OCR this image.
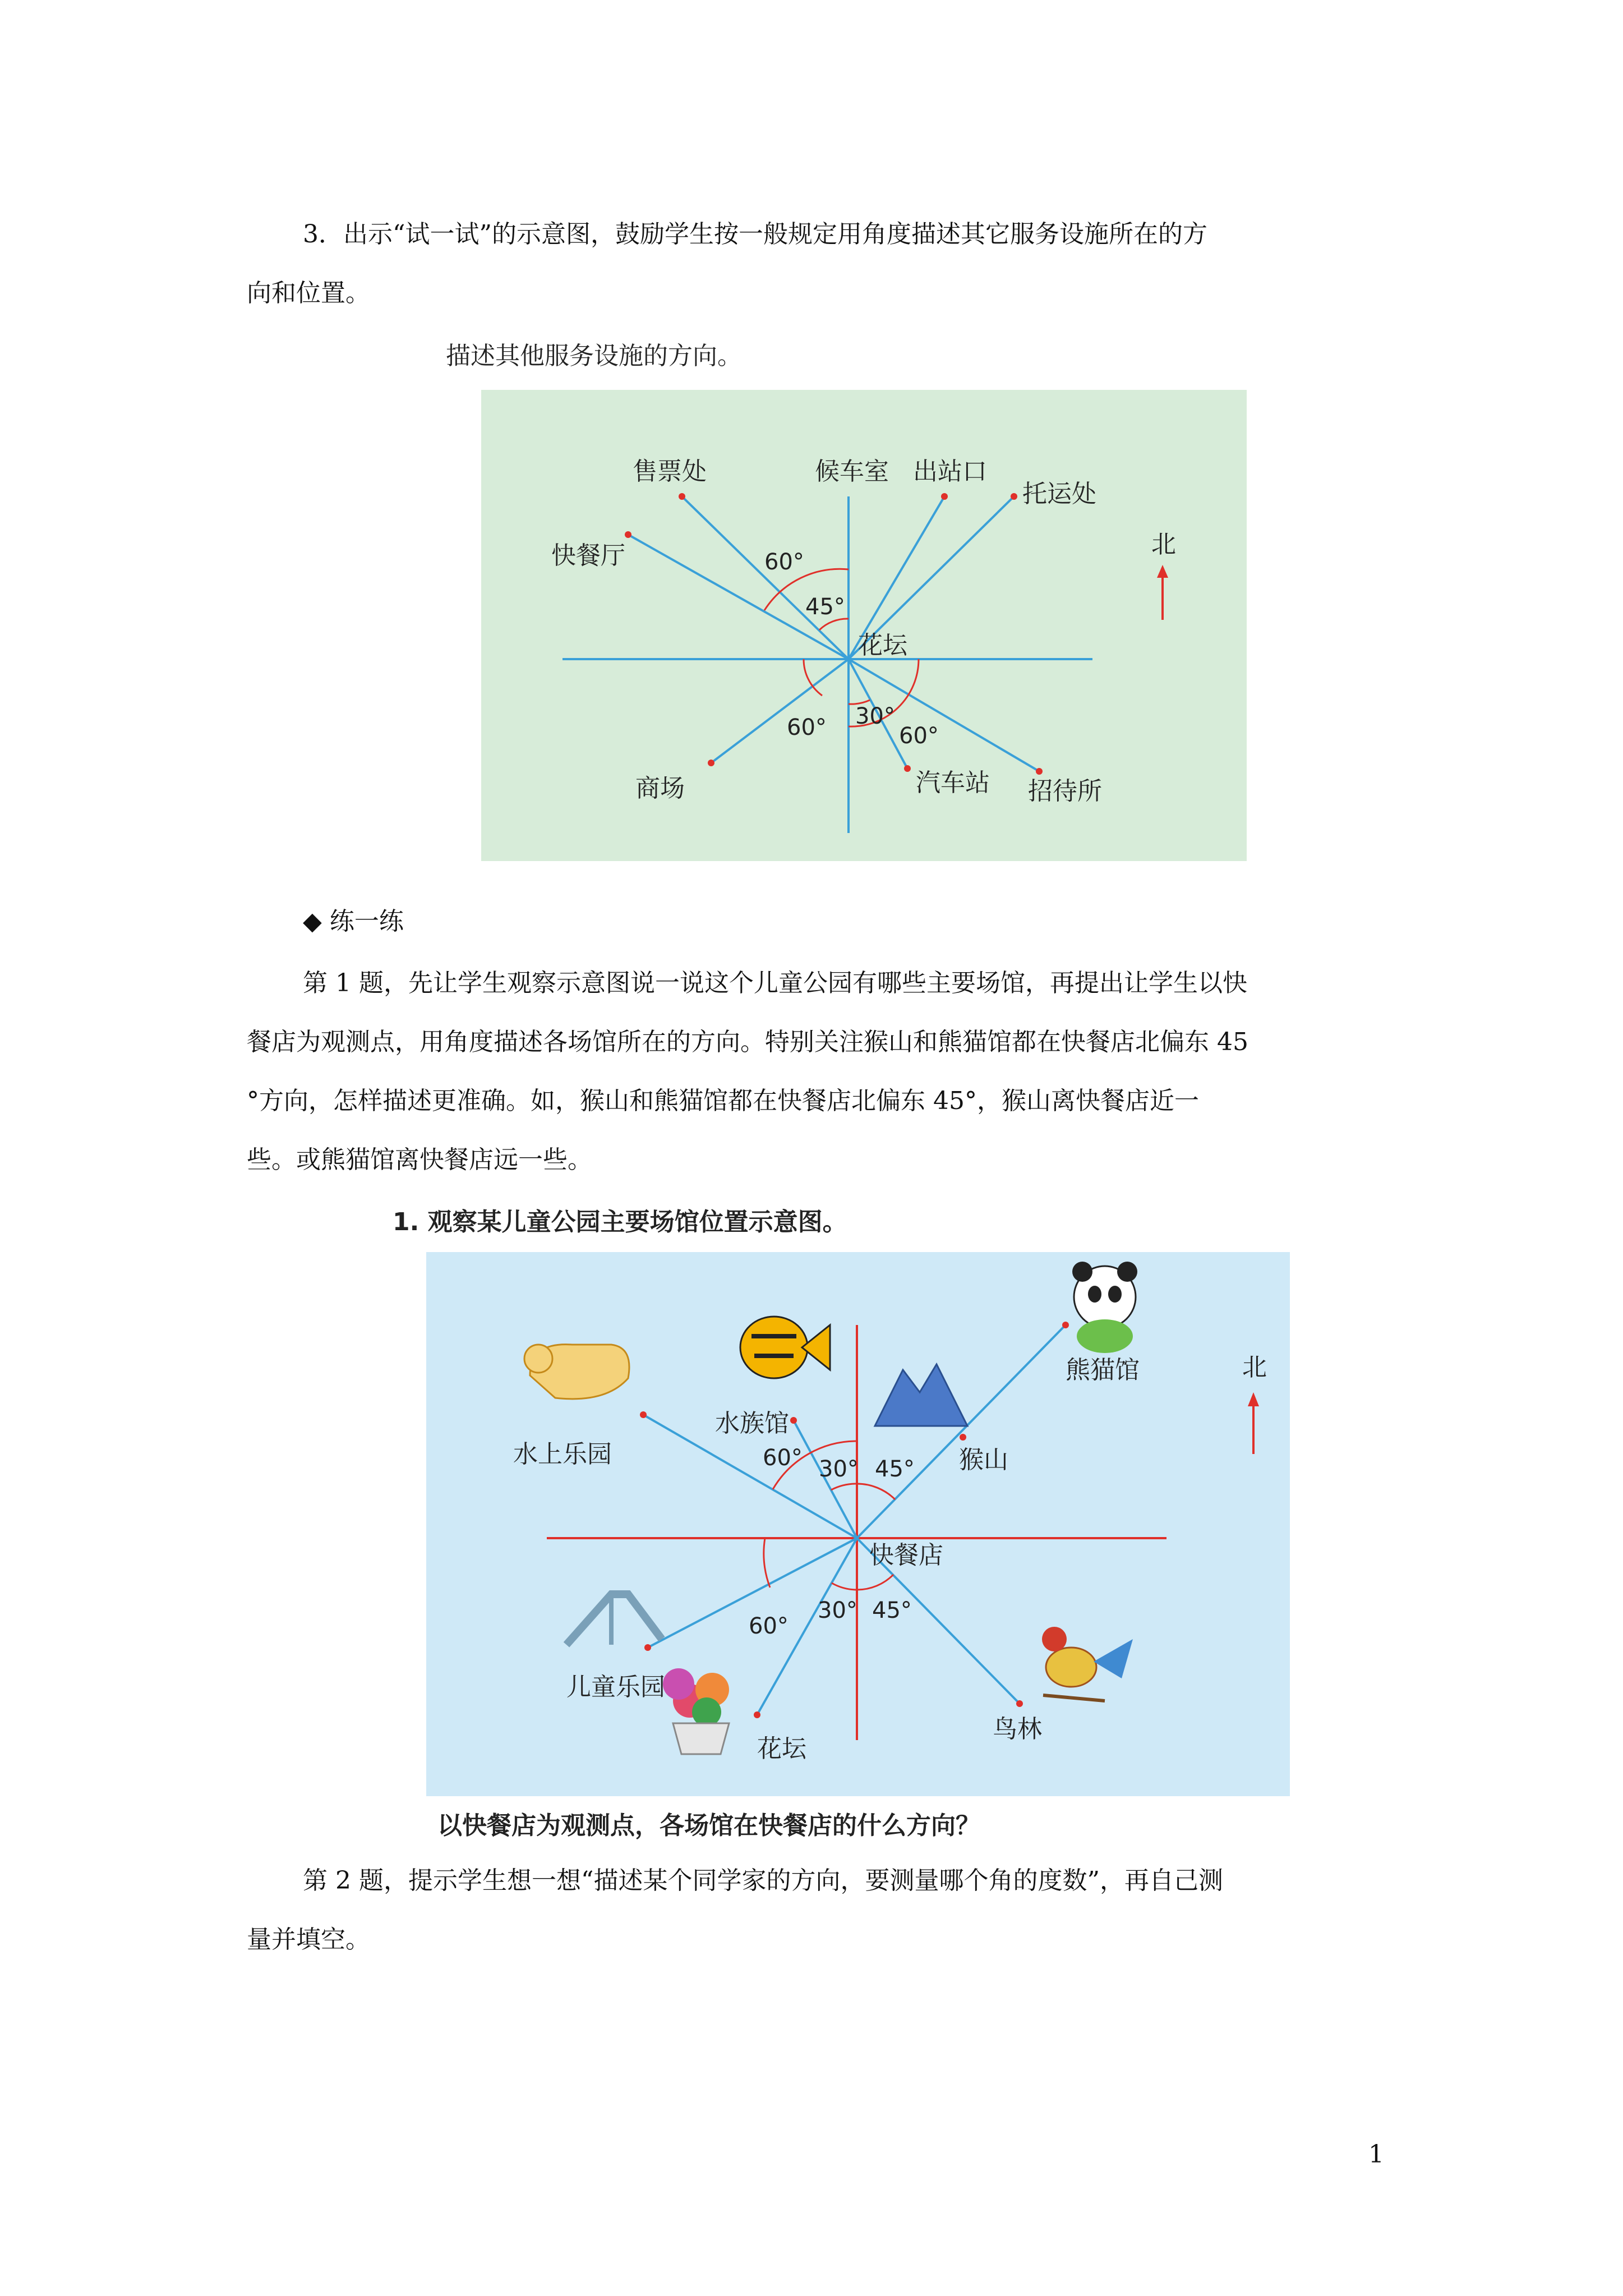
3．出示“试一试”的示意图，鼓励学生按一般规定用角度描述其它服务设施所在的方

向和位置。

描述其他服务设施的方向。

售票处	候车室 出站口
托运处
快餐厅
商场	汽车站 招待所
花坛
60°
45°
60° 30°
60°
北

◆ 练一练

第 1 题，先让学生观察示意图说一说这个儿童公园有哪些主要场馆，再提出让学生以快

餐店为观测点，用角度描述各场馆所在的方向。特别关注猴山和熊猫馆都在快餐店北偏东 45

°方向，怎样描述更准确。如，猴山和熊猫馆都在快餐店北偏东 45°，猴山离快餐店近一

些。或熊猫馆离快餐店远一些。

1. 观察某儿童公园主要场馆位置示意图。

熊猫馆
水族馆
猴山
水上乐园
儿童乐园
花坛
鸟林
快餐店
60° 30° 45°
60°
30° 45°
北

以快餐店为观测点，各场馆在快餐店的什么方向？

第 2 题，提示学生想一想“描述某个同学家的方向，要测量哪个角的度数”，再自己测

量并填空。

1
